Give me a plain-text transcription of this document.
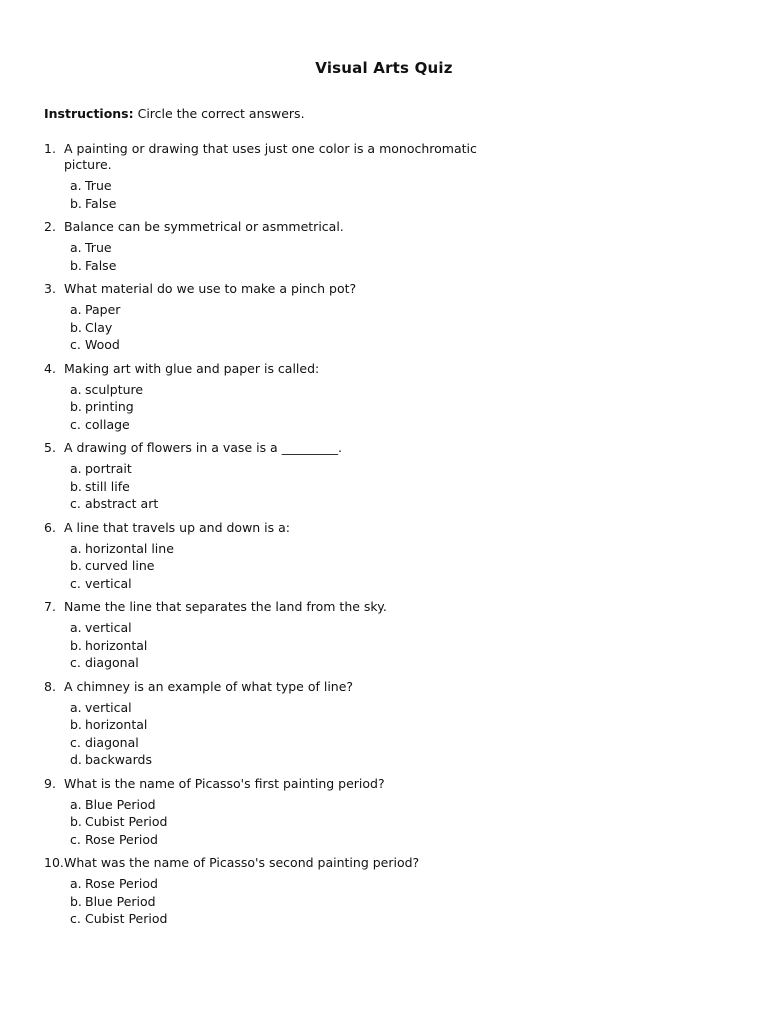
Visual Arts Quiz
Instructions: Circle the correct answers.
1. A painting or drawing that uses just one color is a monochromatic picture.
a. True
b. False
2. Balance can be symmetrical or asmmetrical.
a. True
b. False
3. What material do we use to make a pinch pot?
a. Paper
b. Clay
c. Wood
4. Making art with glue and paper is called:
a. sculpture
b. printing
c. collage
5. A drawing of flowers in a vase is a _________.
a. portrait
b. still life
c. abstract art
6. A line that travels up and down is a:
a. horizontal line
b. curved line
c. vertical
7. Name the line that separates the land from the sky.
a. vertical
b. horizontal
c. diagonal
8. A chimney is an example of what type of line?
a. vertical
b. horizontal
c. diagonal
d. backwards
9. What is the name of Picasso's first painting period?
a. Blue Period
b. Cubist Period
c. Rose Period
10. What was the name of Picasso's second painting period?
a. Rose Period
b. Blue Period
c. Cubist Period
